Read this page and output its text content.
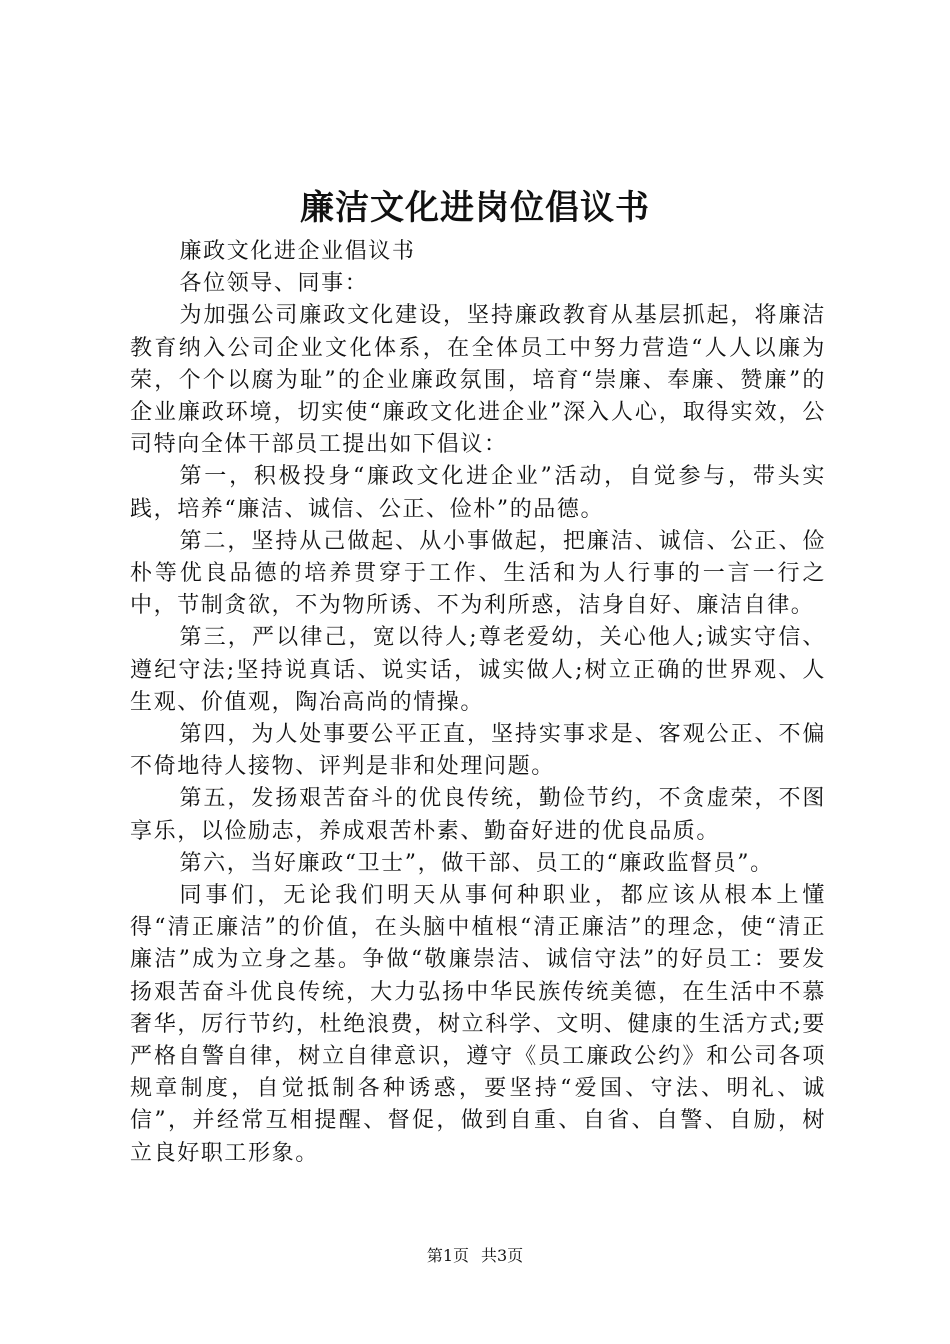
廉洁文化进岗位倡议书

廉政文化进企业倡议书

各位领导、同事：

为加强公司廉政文化建设，坚持廉政教育从基层抓起，将廉洁教育纳入公司企业文化体系，在全体员工中努力营造“人人以廉为荣，个个以腐为耻”的企业廉政氛围，培育“崇廉、奉廉、赞廉”的企业廉政环境，切实使“廉政文化进企业”深入人心，取得实效，公司特向全体干部员工提出如下倡议：

第一，积极投身“廉政文化进企业”活动，自觉参与，带头实践，培养“廉洁、诚信、公正、俭朴”的品德。

第二，坚持从己做起、从小事做起，把廉洁、诚信、公正、俭朴等优良品德的培养贯穿于工作、生活和为人行事的一言一行之中，节制贪欲，不为物所诱、不为利所惑，洁身自好、廉洁自律。

第三，严以律己，宽以待人;尊老爱幼，关心他人;诚实守信、遵纪守法;坚持说真话、说实话，诚实做人;树立正确的世界观、人生观、价值观，陶冶高尚的情操。

第四，为人处事要公平正直，坚持实事求是、客观公正、不偏不倚地待人接物、评判是非和处理问题。

第五，发扬艰苦奋斗的优良传统，勤俭节约，不贪虚荣，不图享乐，以俭励志，养成艰苦朴素、勤奋好进的优良品质。

第六，当好廉政“卫士”，做干部、员工的“廉政监督员”。

同事们，无论我们明天从事何种职业，都应该从根本上懂得“清正廉洁”的价值，在头脑中植根“清正廉洁”的理念，使“清正廉洁”成为立身之基。争做“敬廉崇洁、诚信守法”的好员工：要发扬艰苦奋斗优良传统，大力弘扬中华民族传统美德，在生活中不慕奢华，厉行节约，杜绝浪费，树立科学、文明、健康的生活方式;要严格自警自律，树立自律意识，遵守《员工廉政公约》和公司各项规章制度，自觉抵制各种诱惑，要坚持“爱国、守法、明礼、诚信”，并经常互相提醒、督促，做到自重、自省、自警、自励，树立良好职工形象。

第1页 共3页
